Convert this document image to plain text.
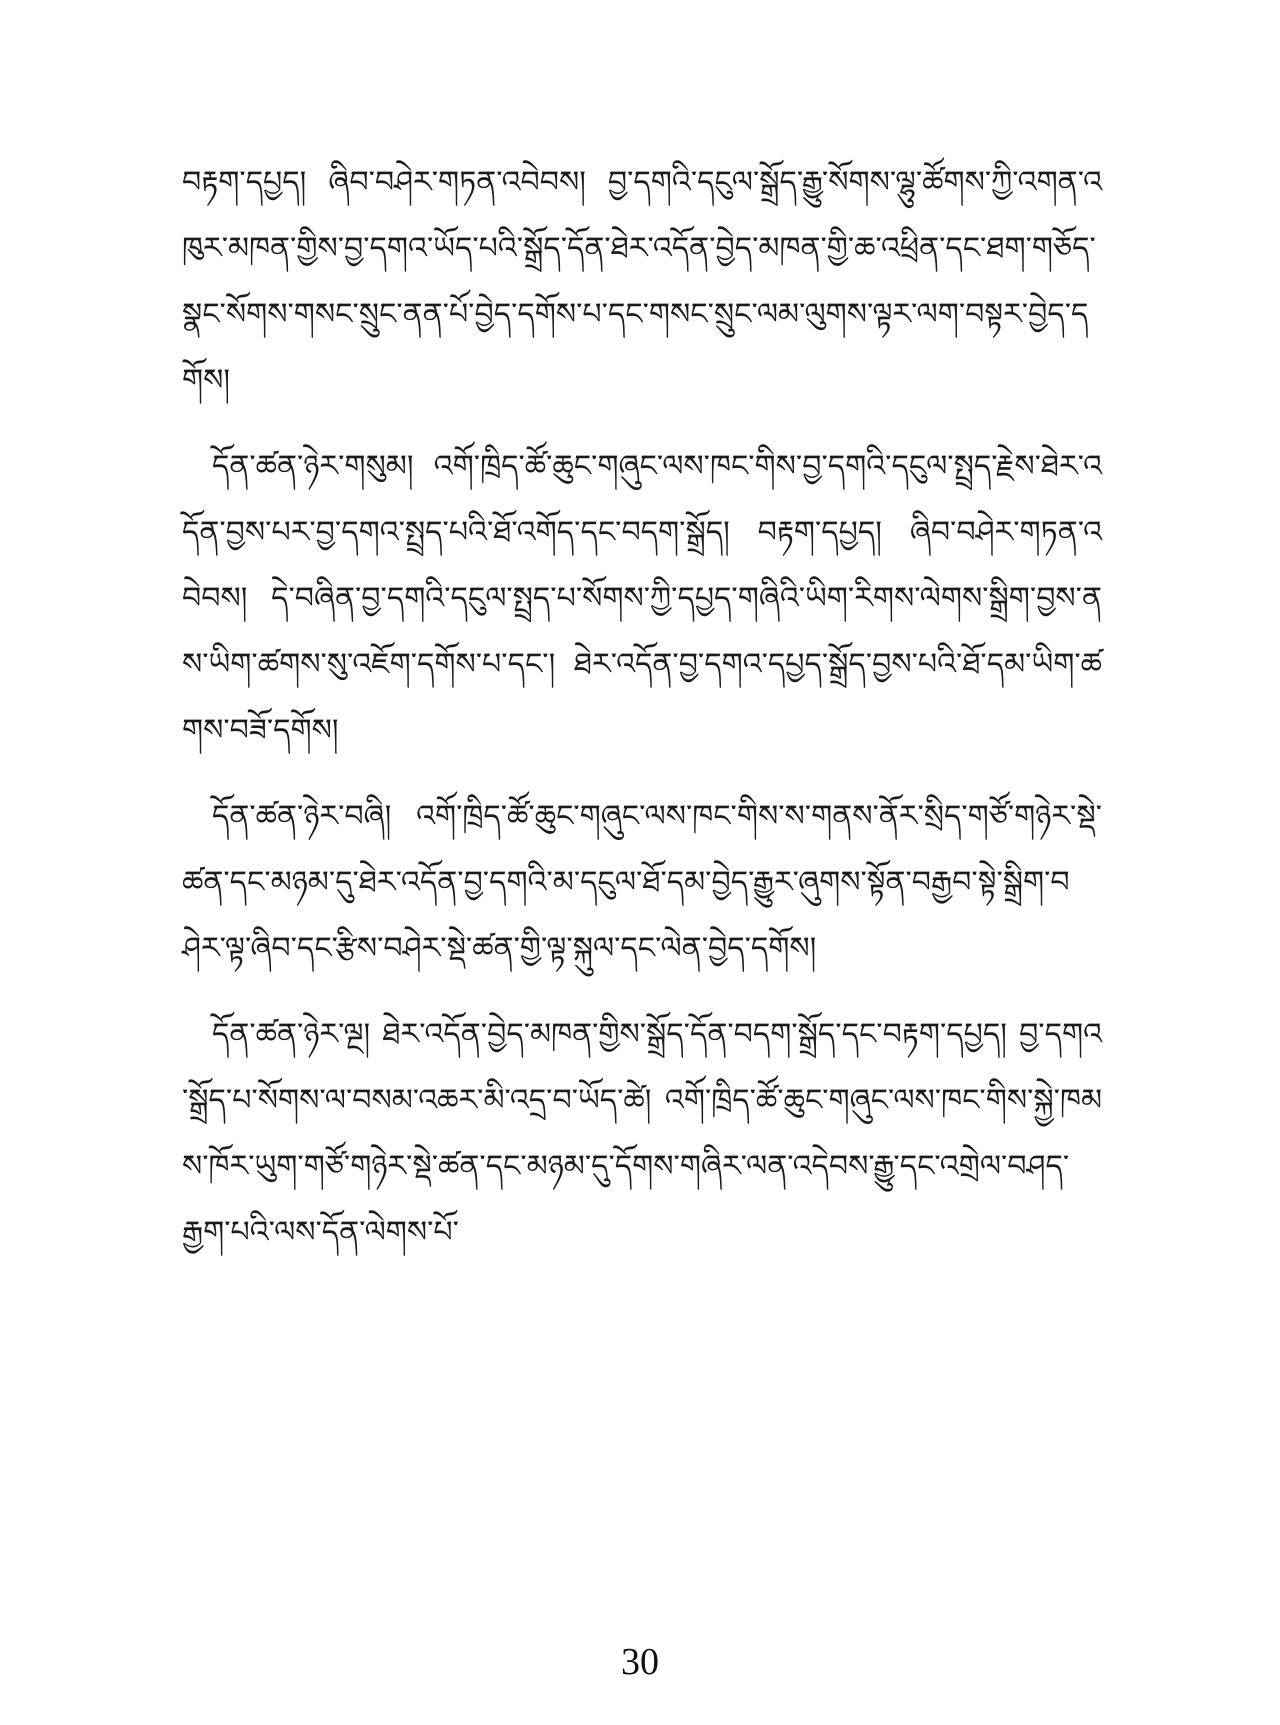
བརྟག་དཔྱད། ཞིབ་བཤེར་གཏན་འབེབས། བྱ་དགའི་དངུལ་སྒྲོད་རྒྱུ་སོགས་ལྷུ་ཚོགས་ཀྱི་འགན་འཁུར་མཁན་གྱིས་བྱ་དགའ་ཡོད་པའི་སྒྲོད་དོན་ཐེར་འདོན་བྱེད་མཁན་གྱི་ཆ་འཕྲིན་དང་ཐག་གཅོད་སྣང་སོགས་གསང་སྲུང་ནན་པོ་བྱེད་དགོས་པ་དང་གསང་སྲུང་ལམ་ལུགས་ལྟར་ལག་བསྟར་བྱེད་དགོས།

དོན་ཚན་ཉེར་གསུམ། འགོ་ཁྲིད་ཚོ་ཆུང་གཞུང་ལས་ཁང་གིས་བྱ་དགའི་དངུལ་སྤྲད་རྗེས་ཐེར་འདོན་བྱས་པར་བྱ་དགའ་སྤྲད་པའི་ཐོ་འགོད་དང་བདག་སྒྲོད། བརྟག་དཔྱད། ཞིབ་བཤེར་གཏན་འབེབས། དེ་བཞིན་བྱ་དགའི་དངུལ་སྤྲད་པ་སོགས་ཀྱི་དཔྱད་གཞིའི་ཡིག་རིགས་ལེགས་སྒྲིག་བྱས་ནས་ཡིག་ཚགས་སུ་འཇོག་དགོས་པ་དང་། ཐེར་འདོན་བྱ་དགའ་དཔྱད་སྒྲོད་བྱས་པའི་ཐོ་དམ་ཡིག་ཚགས་བཟོ་དགོས།

དོན་ཚན་ཉེར་བཞི། འགོ་ཁྲིད་ཚོ་ཆུང་གཞུང་ལས་ཁང་གིས་ས་གནས་ནོར་སྲིད་གཙོ་གཉེར་སྡེ་ཚན་དང་མཉམ་དུ་ཐེར་འདོན་བྱ་དགའི་མ་དངུལ་ཐོ་དམ་བྱེད་རྒྱུར་ཞུགས་སྟོན་བརྒྱབ་སྟེ་སྒྲིག་བཤེར་ལྟ་ཞིབ་དང་རྩིས་བཤེར་སྡེ་ཚན་གྱི་ལྟ་སྐུལ་དང་ལེན་བྱེད་དགོས།

དོན་ཚན་ཉེར་ལྔ། ཐེར་འདོན་བྱེད་མཁན་གྱིས་སྒྲོད་དོན་བདག་སྒྲོད་དང་བརྟག་དཔྱད། བྱ་དགའ་སྒྲོད་པ་སོགས་ལ་བསམ་འཆར་མི་འདྲ་བ་ཡོད་ཚེ། འགོ་ཁྲིད་ཚོ་ཆུང་གཞུང་ལས་ཁང་གིས་སྐྱེ་ཁམས་ཁོར་ཡུག་གཙོ་གཉེར་སྡེ་ཚན་དང་མཉམ་དུ་དོགས་གཞིར་ལན་འདེབས་རྒྱུ་དང་འགྲེལ་བཤད་རྒྱག་པའི་ལས་དོན་ལེགས་པོ་

30
